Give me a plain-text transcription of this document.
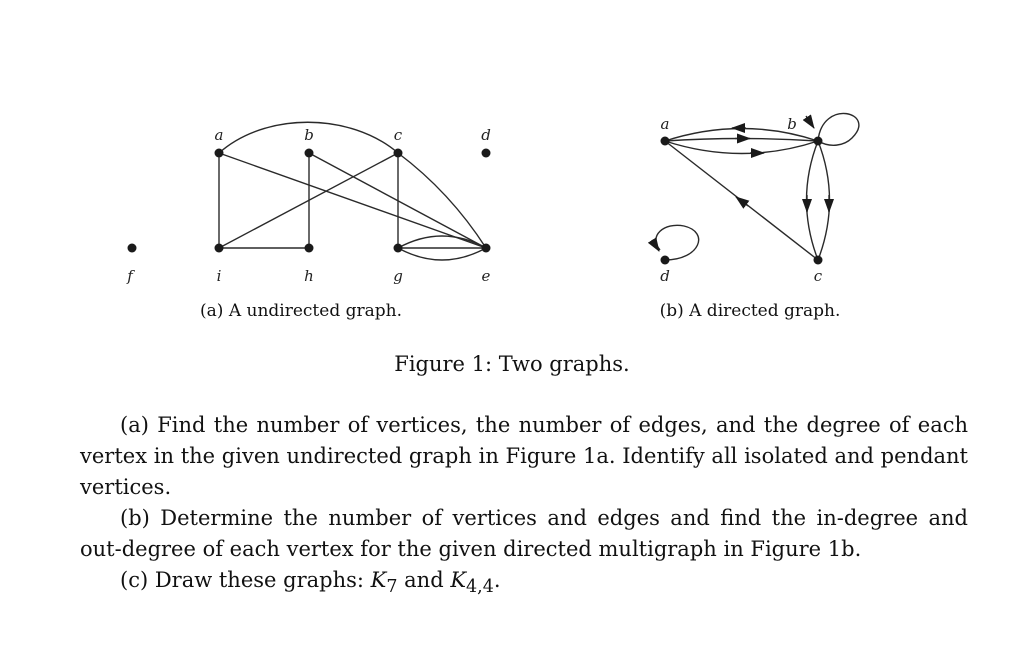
a	b	c	d
f	i	h	g	e
(a) A undirected graph.
a	b
c
d
(b) A directed graph.
Figure 1: Two graphs.

(a) Find the number of vertices, the number of edges, and the degree of each vertex in the given undirected graph in Figure 1a. Identify all isolated and pendant vertices.

(b) Determine the number of vertices and edges and find the in-degree and out-degree of each vertex for the given directed multigraph in Figure 1b.

(c) Draw these graphs: $K_7$ and $K_{4,4}$.
